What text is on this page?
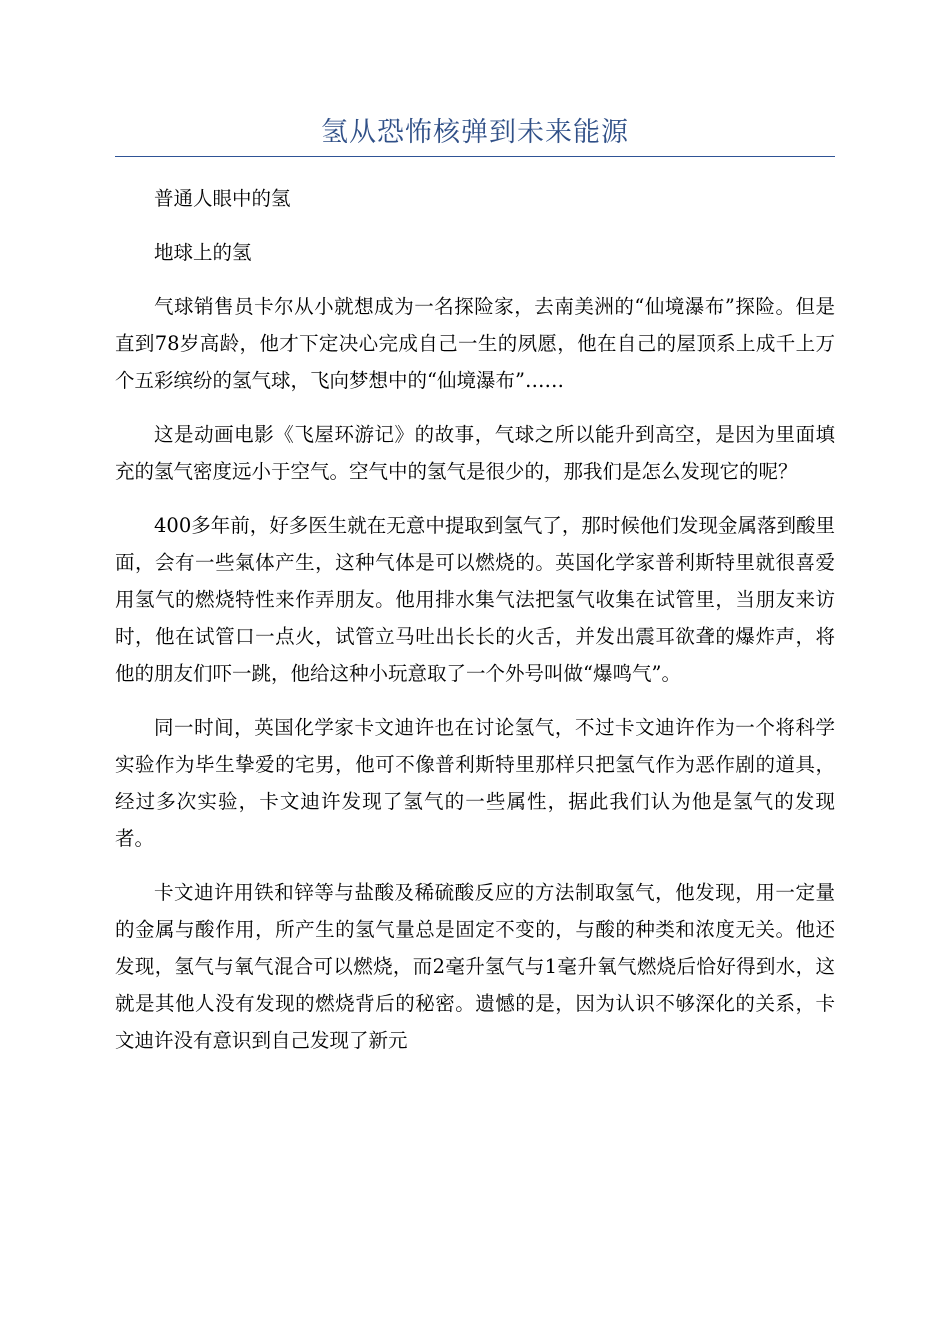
氢从恐怖核弹到未来能源

普通人眼中的氢

地球上的氢

气球销售员卡尔从小就想成为一名探险家，去南美洲的“仙境瀑布”探险。但是直到78岁高龄，他才下定决心完成自己一生的夙愿，他在自己的屋顶系上成千上万个五彩缤纷的氢气球，飞向梦想中的“仙境瀑布”……

这是动画电影《飞屋环游记》的故事，气球之所以能升到高空，是因为里面填充的氢气密度远小于空气。空气中的氢气是很少的，那我们是怎么发现它的呢？

400多年前，好多医生就在无意中提取到氢气了，那时候他们发现金属落到酸里面，会有一些氣体产生，这种气体是可以燃烧的。英国化学家普利斯特里就很喜爱用氢气的燃烧特性来作弄朋友。他用排水集气法把氢气收集在试管里，当朋友来访时，他在试管口一点火，试管立马吐出长长的火舌，并发出震耳欲聋的爆炸声，将他的朋友们吓一跳，他给这种小玩意取了一个外号叫做“爆鸣气”。

同一时间，英国化学家卡文迪许也在讨论氢气，不过卡文迪许作为一个将科学实验作为毕生挚爱的宅男，他可不像普利斯特里那样只把氢气作为恶作剧的道具，经过多次实验，卡文迪许发现了氢气的一些属性，据此我们认为他是氢气的发现者。

卡文迪许用铁和锌等与盐酸及稀硫酸反应的方法制取氢气，他发现，用一定量的金属与酸作用，所产生的氢气量总是固定不变的，与酸的种类和浓度无关。他还发现，氢气与氧气混合可以燃烧，而2毫升氢气与1毫升氧气燃烧后恰好得到水，这就是其他人没有发现的燃烧背后的秘密。遗憾的是，因为认识不够深化的关系，卡文迪许没有意识到自己发现了新元
